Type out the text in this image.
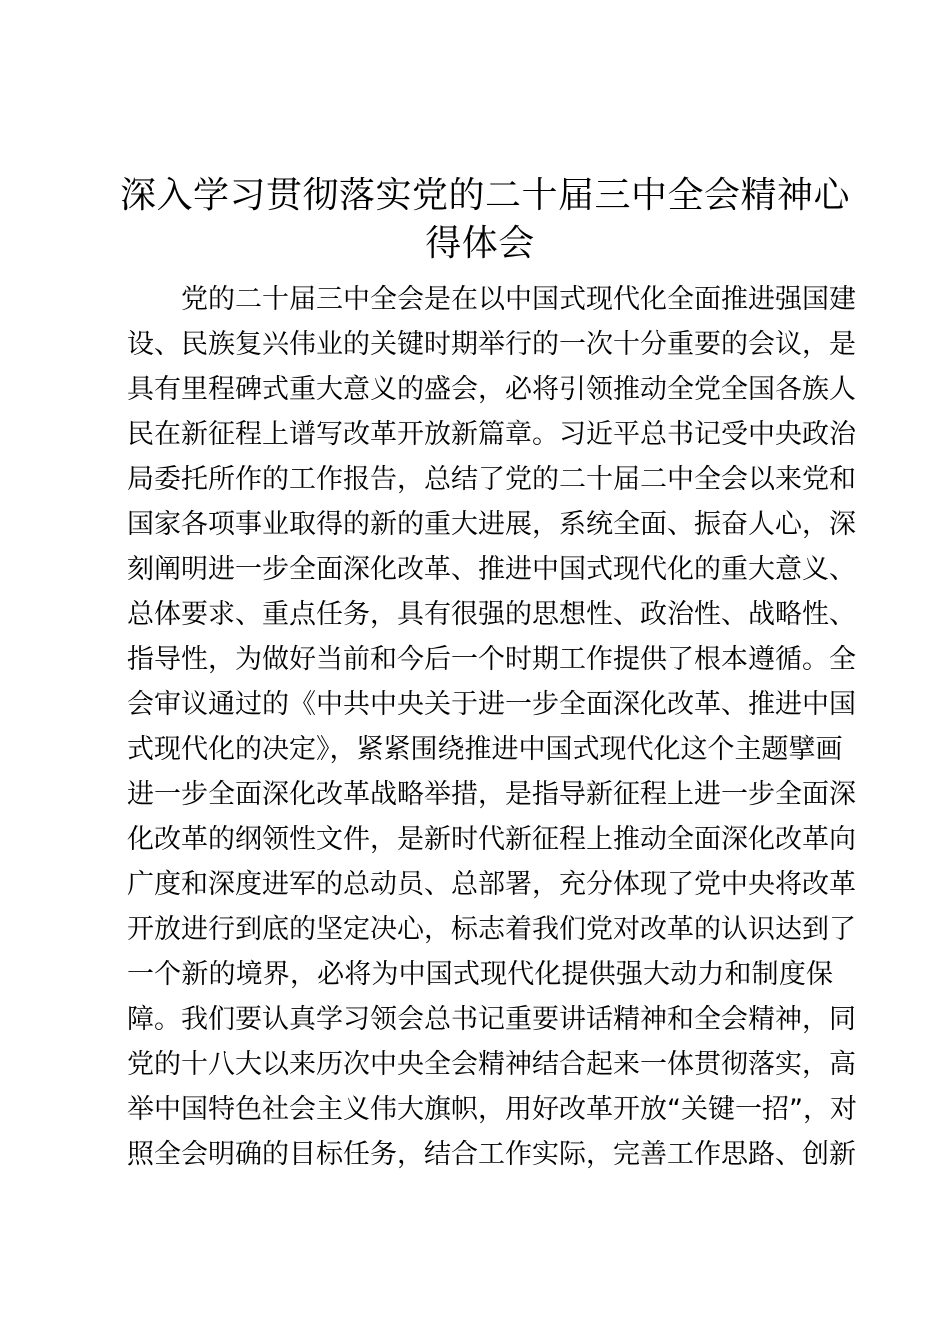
深入学习贯彻落实党的二十届三中全会精神心
得体会
党的二十届三中全会是在以中国式现代化全面推进强国建
设、民族复兴伟业的关键时期举行的一次十分重要的会议，是
具有里程碑式重大意义的盛会，必将引领推动全党全国各族人
民在新征程上谱写改革开放新篇章。习近平总书记受中央政治
局委托所作的工作报告，总结了党的二十届二中全会以来党和
国家各项事业取得的新的重大进展，系统全面、振奋人心，深
刻阐明进一步全面深化改革、推进中国式现代化的重大意义、
总体要求、重点任务，具有很强的思想性、政治性、战略性、
指导性，为做好当前和今后一个时期工作提供了根本遵循。全
会审议通过的《中共中央关于进一步全面深化改革、推进中国
式现代化的决定》，紧紧围绕推进中国式现代化这个主题擘画
进一步全面深化改革战略举措，是指导新征程上进一步全面深
化改革的纲领性文件，是新时代新征程上推动全面深化改革向
广度和深度进军的总动员、总部署，充分体现了党中央将改革
开放进行到底的坚定决心，标志着我们党对改革的认识达到了
一个新的境界，必将为中国式现代化提供强大动力和制度保
障。我们要认真学习领会总书记重要讲话精神和全会精神，同
党的十八大以来历次中央全会精神结合起来一体贯彻落实，高
举中国特色社会主义伟大旗帜，用好改革开放“关键一招”，对
照全会明确的目标任务，结合工作实际，完善工作思路、创新
